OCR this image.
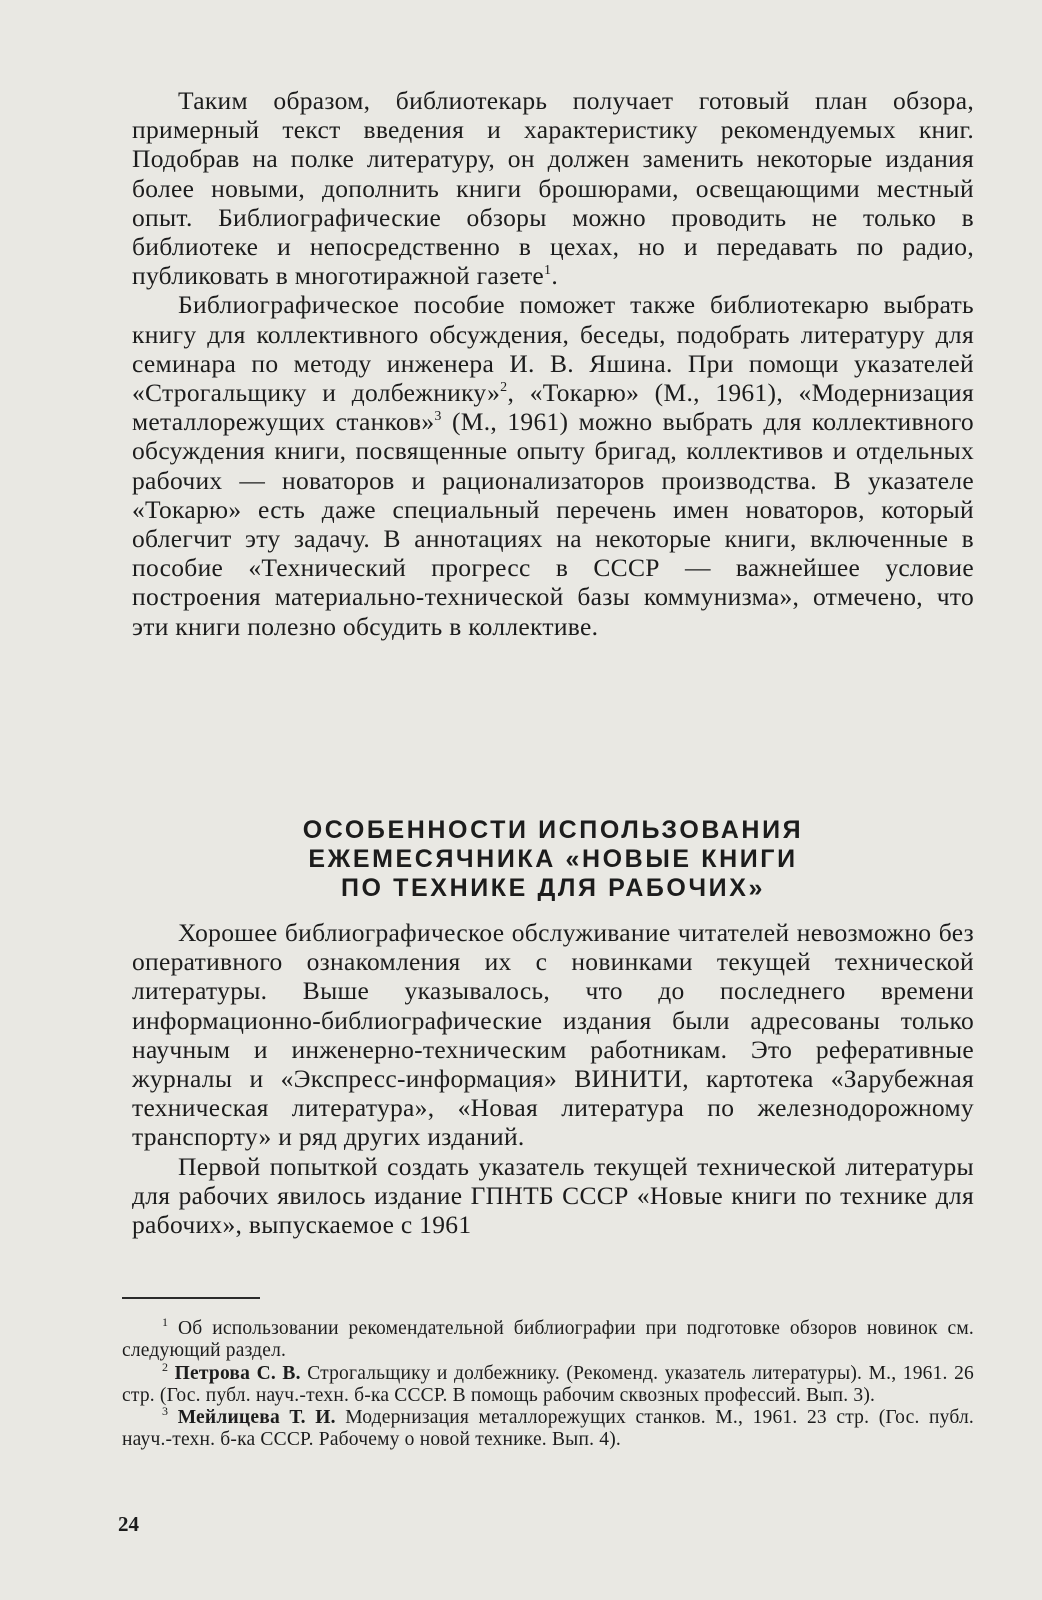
Таким образом, библиотекарь получает готовый план обзора, примерный текст введения и характеристику рекомендуемых книг. Подобрав на полке литературу, он должен заменить некоторые издания более новыми, дополнить книги брошюрами, освещающими местный опыт. Библиографические обзоры можно проводить не только в библиотеке и непосредственно в цехах, но и передавать по радио, публиковать в многотиражной газете$^1$.

Библиографическое пособие поможет также библиотекарю выбрать книгу для коллективного обсуждения, беседы, подобрать литературу для семинара по методу инженера И. В. Яшина. При помощи указателей «Строгальщику и долбежнику»$^2$, «Токарю» (М., 1961), «Модернизация металлорежущих станков»$^3$ (М., 1961) можно выбрать для коллективного обсуждения книги, посвященные опыту бригад, коллективов и отдельных рабочих — новаторов и рационализаторов производства. В указателе «Токарю» есть даже специальный перечень имен новаторов, который облегчит эту задачу. В аннотациях на некоторые книги, включенные в пособие «Технический прогресс в СССР — важнейшее условие построения материально-технической базы коммунизма», отмечено, что эти книги полезно обсудить в коллективе.

ОСОБЕННОСТИ ИСПОЛЬЗОВАНИЯ
ЕЖЕМЕСЯЧНИКА «НОВЫЕ КНИГИ
ПО ТЕХНИКЕ ДЛЯ РАБОЧИХ»

Хорошее библиографическое обслуживание читателей невозможно без оперативного ознакомления их с новинками текущей технической литературы. Выше указывалось, что до последнего времени информационно-библиографические издания были адресованы только научным и инженерно-техническим работникам. Это реферативные журналы и «Экспресс-информация» ВИНИТИ, картотека «Зарубежная техническая литература», «Новая литература по железнодорожному транспорту» и ряд других изданий.

Первой попыткой создать указатель текущей технической литературы для рабочих явилось издание ГПНТБ СССР «Новые книги по технике для рабочих», выпускаемое с 1961

$^1$ Об использовании рекомендательной библиографии при подготовке обзоров новинок см. следующий раздел.

$^2$ Петрова С. В. Строгальщику и долбежнику. (Рекоменд. указатель литературы). М., 1961. 26 стр. (Гос. публ. науч.-техн. б-ка СССР. В помощь рабочим сквозных профессий. Вып. 3).

$^3$ Мейлицева Т. И. Модернизация металлорежущих станков. М., 1961. 23 стр. (Гос. публ. науч.-техн. б-ка СССР. Рабочему о новой технике. Вып. 4).

24
